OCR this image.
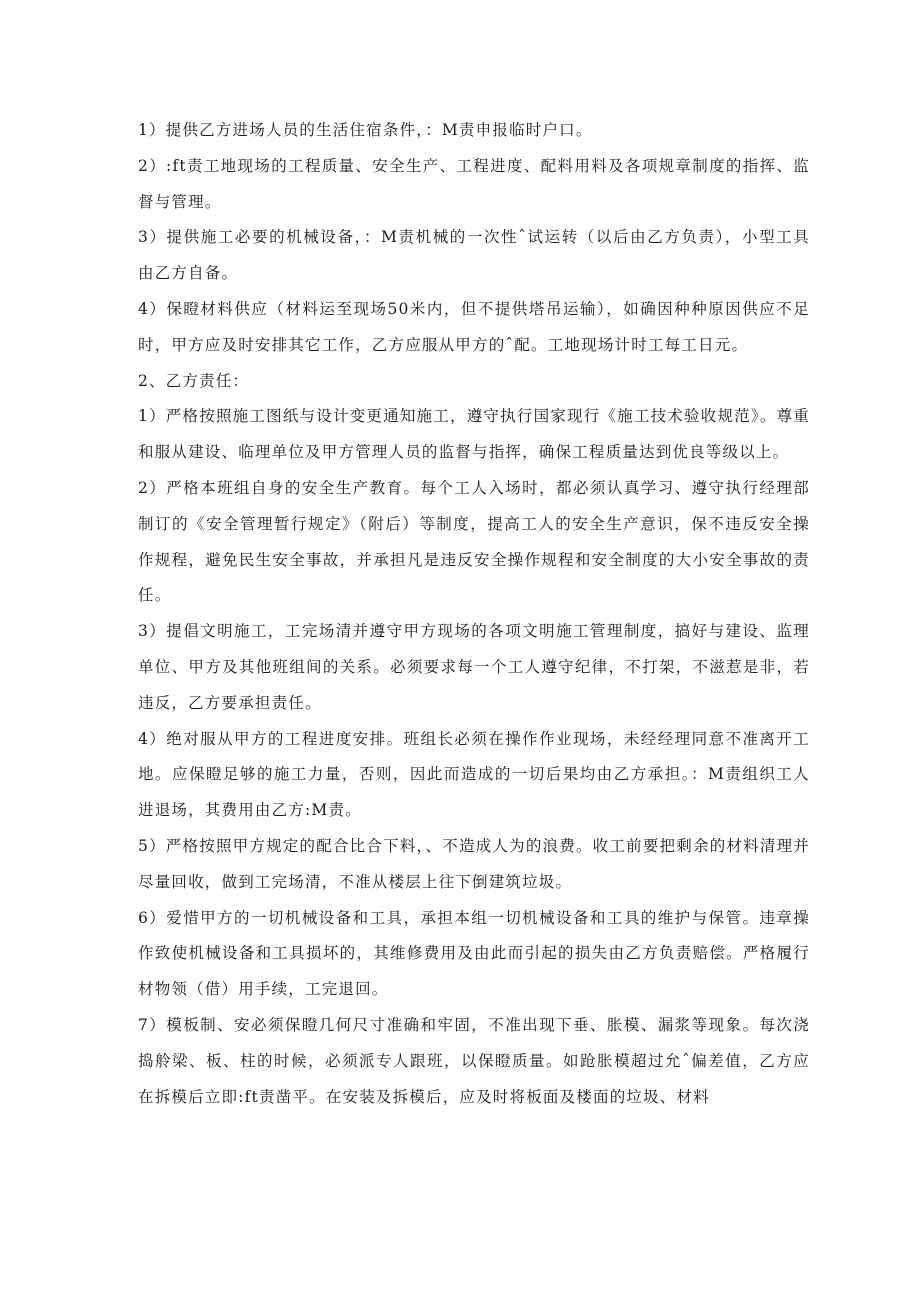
1）提供乙方进场人员的生活住宿条件，：M责申报临时户口。

2）:ft责工地现场的工程质量、安全生产、工程进度、配料用料及各项规章制度的指挥、监督与管理。

3）提供施工必要的机械设备，：M责机械的一次性ˆ试运转（以后由乙方负责），小型工具由乙方自备。

4）保瞪材料供应（材料运至现场50米内，但不提供塔吊运输），如确因种种原因供应不足时，甲方应及时安排其它工作，乙方应服从甲方的ˆ配。工地现场计时工每工日元。

2、乙方责任：

1）严格按照施工图纸与设计变更通知施工，遵守执行国家现行《施工技术验收规范》。尊重和服从建设、临理单位及甲方管理人员的监督与指挥，确保工程质量达到优良等级以上。

2）严格本班组自身的安全生产教育。每个工人入场时，都必须认真学习、遵守执行经理部制订的《安全管理暂行规定》（附后）等制度，提高工人的安全生产意识，保不违反安全操作规程，避免民生安全事故，并承担凡是违反安全操作规程和安全制度的大小安全事故的责任。

3）提倡文明施工，工完场清并遵守甲方现场的各项文明施工管理制度，搞好与建设、监理单位、甲方及其他班组间的关系。必须要求每一个工人遵守纪律，不打架，不滋惹是非，若违反，乙方要承担责任。

4）绝对服从甲方的工程进度安排。班组长必须在操作作业现场，未经经理同意不准离开工地。应保瞪足够的施工力量，否则，因此而造成的一切后果均由乙方承担。：M责组织工人进退场，其费用由乙方:M责。

5）严格按照甲方规定的配合比合下料，、不造成人为的浪费。收工前要把剩余的材料清理并尽量回收，做到工完场清，不准从楼层上往下倒建筑垃圾。

6）爱惜甲方的一切机械设备和工具，承担本组一切机械设备和工具的维护与保管。违章操作致使机械设备和工具损坏的，其维修费用及由此而引起的损失由乙方负责赔偿。严格履行材物领（借）用手续，工完退回。

7）模板制、安必须保瞪几何尺寸准确和牢固，不准出现下垂、胀模、漏浆等现象。每次浇捣舲梁、板、柱的时候，必须派专人跟班，以保瞪质量。如跄胀模超过允ˆ偏差值，乙方应在拆模后立即:ft责凿平。在安装及拆模后，应及时将板面及楼面的垃圾、材料
